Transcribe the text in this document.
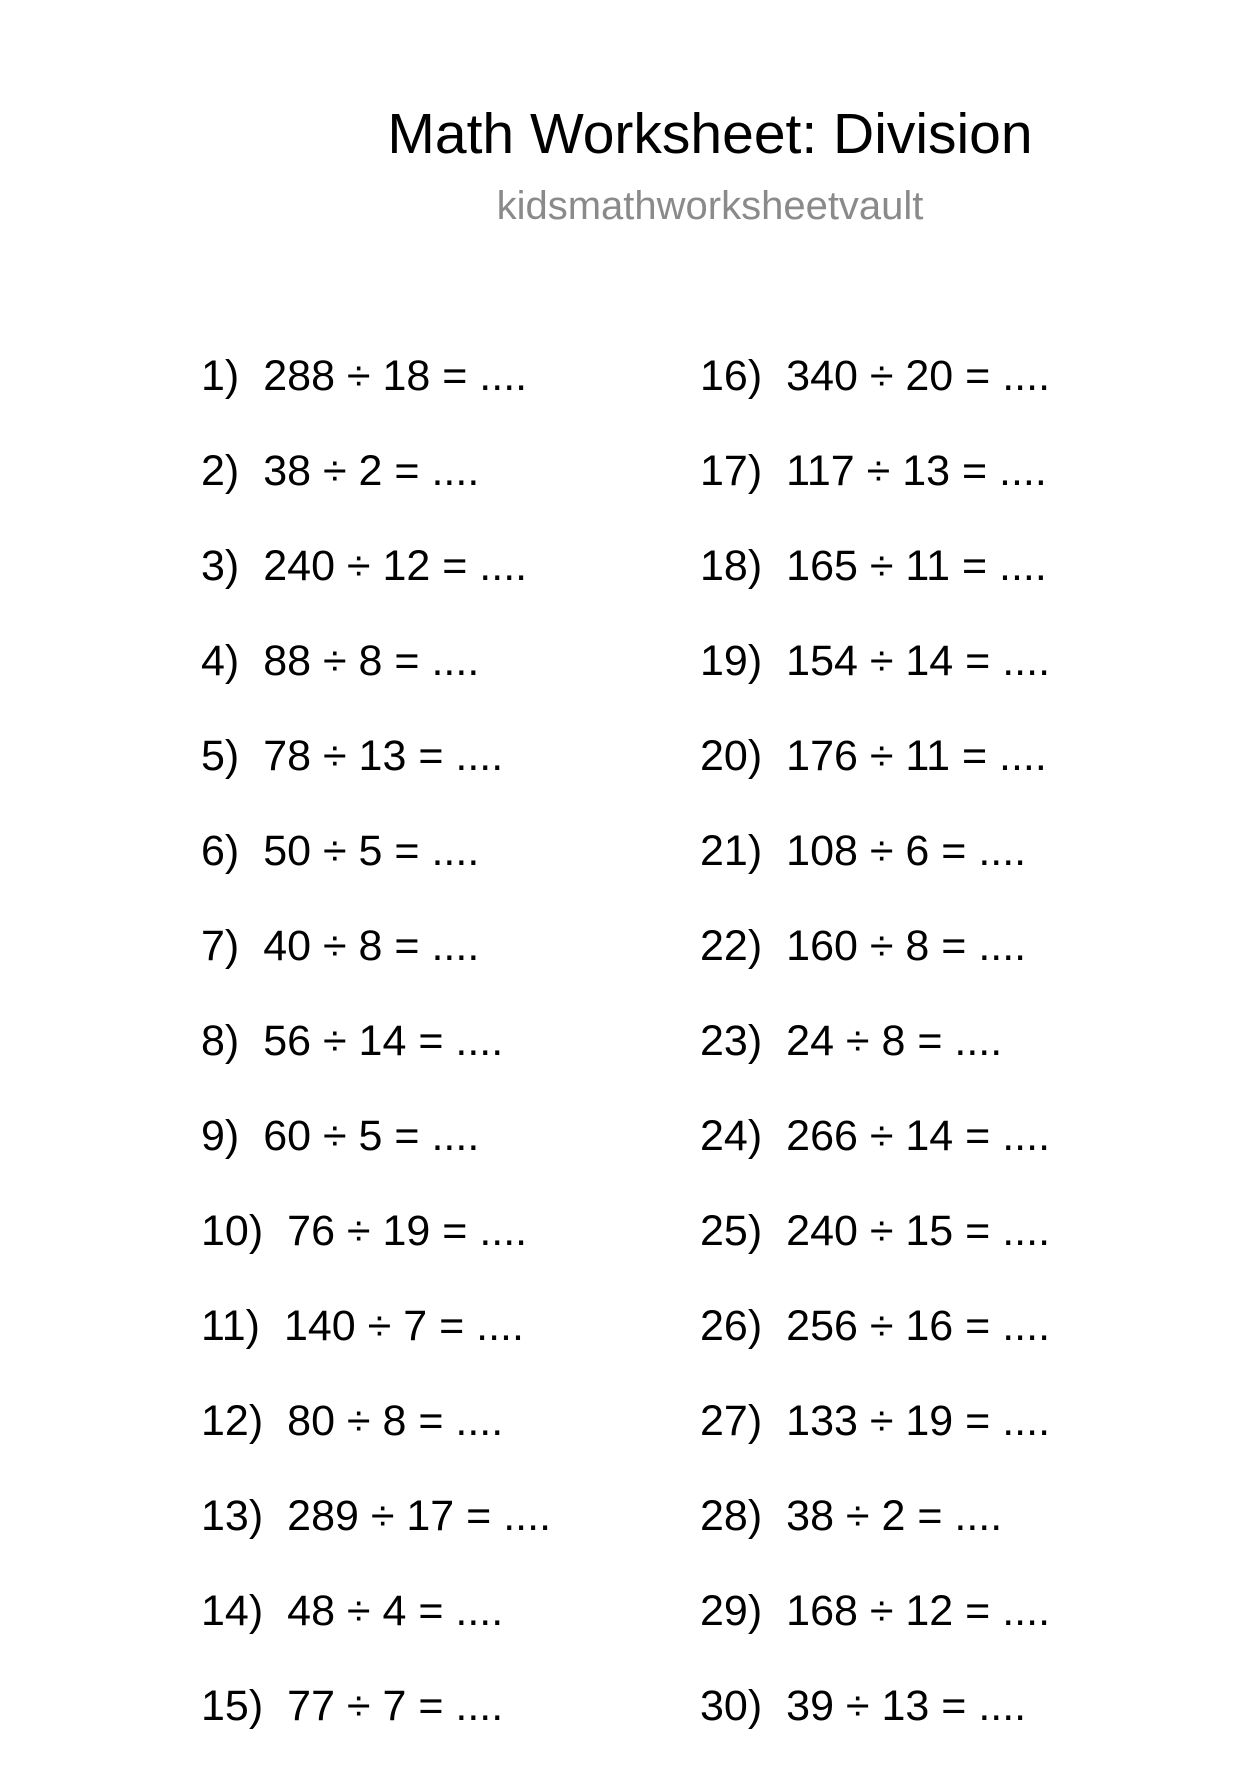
Math Worksheet: Division
kidsmathworksheetvault
1) 288 ÷ 18 = ....
2) 38 ÷ 2 = ....
3) 240 ÷ 12 = ....
4) 88 ÷ 8 = ....
5) 78 ÷ 13 = ....
6) 50 ÷ 5 = ....
7) 40 ÷ 8 = ....
8) 56 ÷ 14 = ....
9) 60 ÷ 5 = ....
10) 76 ÷ 19 = ....
11) 140 ÷ 7 = ....
12) 80 ÷ 8 = ....
13) 289 ÷ 17 = ....
14) 48 ÷ 4 = ....
15) 77 ÷ 7 = ....
16) 340 ÷ 20 = ....
17) 117 ÷ 13 = ....
18) 165 ÷ 11 = ....
19) 154 ÷ 14 = ....
20) 176 ÷ 11 = ....
21) 108 ÷ 6 = ....
22) 160 ÷ 8 = ....
23) 24 ÷ 8 = ....
24) 266 ÷ 14 = ....
25) 240 ÷ 15 = ....
26) 256 ÷ 16 = ....
27) 133 ÷ 19 = ....
28) 38 ÷ 2 = ....
29) 168 ÷ 12 = ....
30) 39 ÷ 13 = ....
